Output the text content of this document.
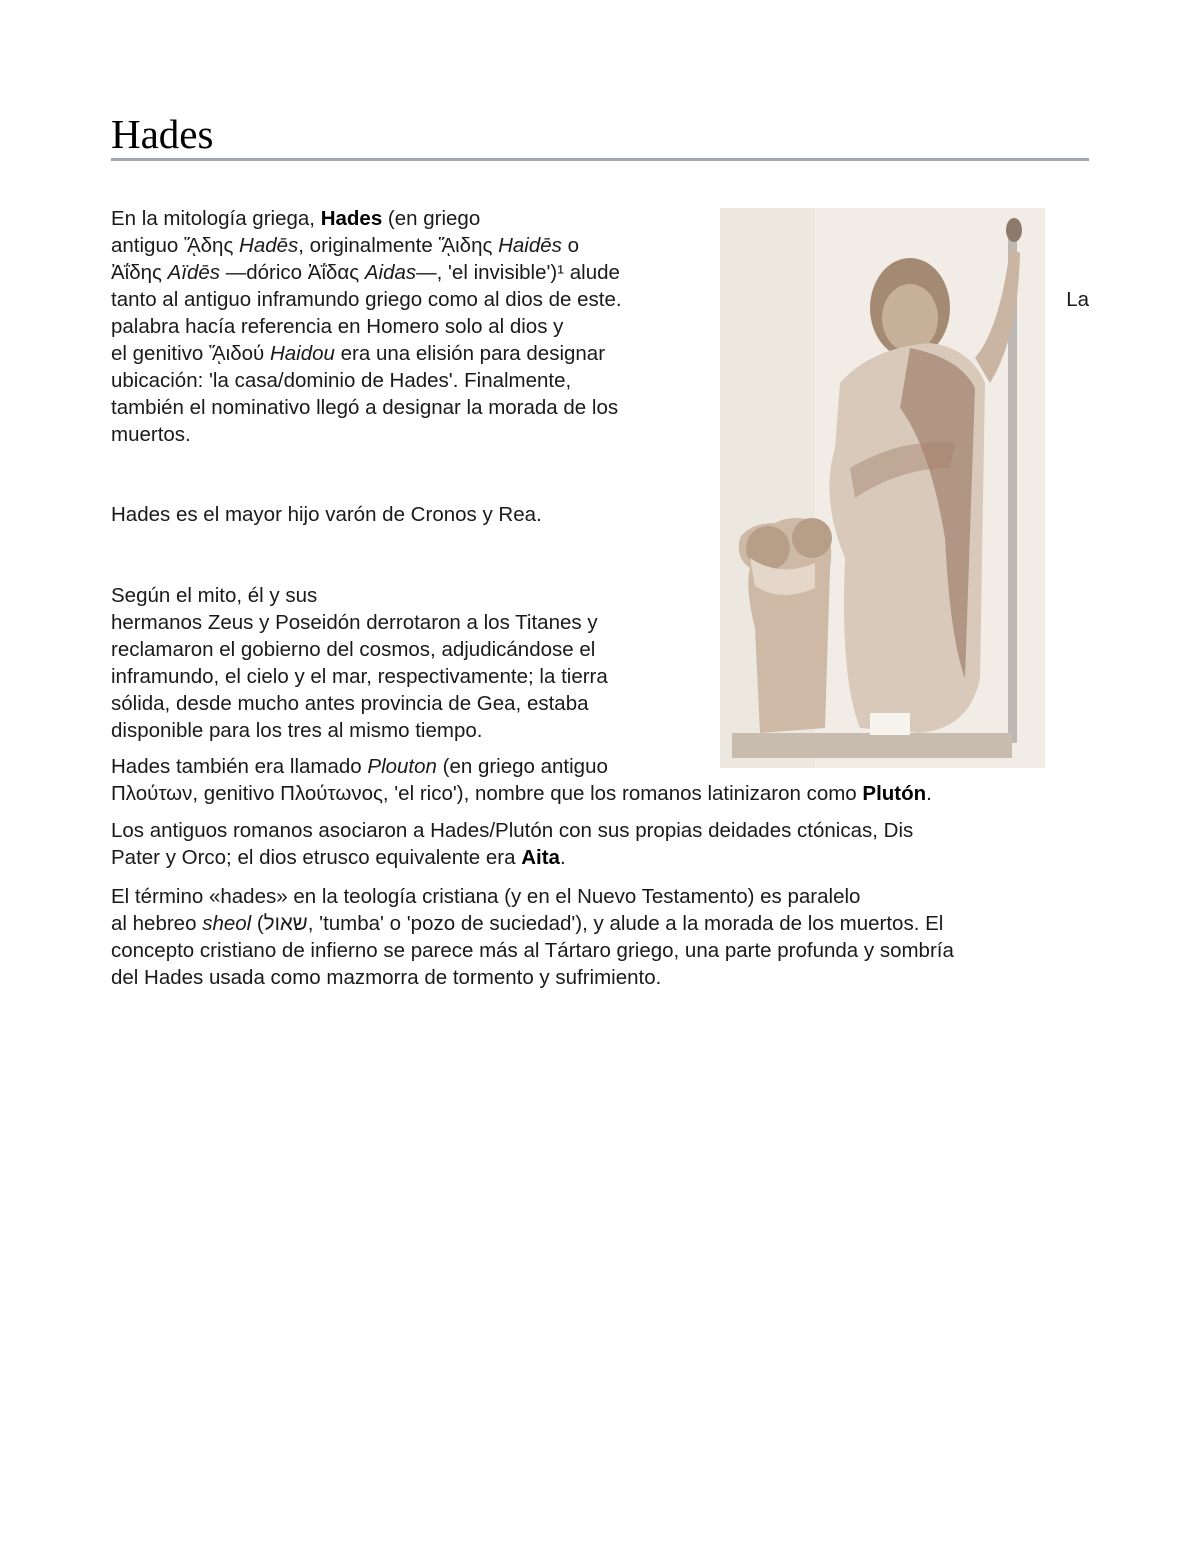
Hades
En la mitología griega, Hades (en griego
antiguo ᾍδης Hadēs, originalmente ᾍιδης Haidēs o
Ἀΐδης Aïdēs —dórico Ἀΐδας Aidas—, 'el invisible')¹ alude
tanto al antiguo inframundo griego como al dios de este.
palabra hacía referencia en Homero solo al dios y
el genitivo ᾍιδού Haidou era una elisión para designar
ubicación: 'la casa/dominio de Hades'. Finalmente,
también el nominativo llegó a designar la morada de los
muertos.
La
Hades es el mayor hijo varón de Cronos y Rea.
Según el mito, él y sus
hermanos Zeus y Poseidón derrotaron a los Titanes y
reclamaron el gobierno del cosmos, adjudicándose el
inframundo, el cielo y el mar, respectivamente; la tierra
sólida, desde mucho antes provincia de Gea, estaba
disponible para los tres al mismo tiempo.
Hades también era llamado Plouton (en griego antiguo
Πλούτων, genitivo Πλούτωνος, 'el rico'), nombre que los romanos latinizaron como Plutón.
Los antiguos romanos asociaron a Hades/Plutón con sus propias deidades ctónicas, Dis
Pater y Orco; el dios etrusco equivalente era Aita.
El término «hades» en la teología cristiana (y en el Nuevo Testamento) es paralelo
al hebreo sheol (שאול, 'tumba' o 'pozo de suciedad'), y alude a la morada de los muertos. El
concepto cristiano de infierno se parece más al Tártaro griego, una parte profunda y sombría
del Hades usada como mazmorra de tormento y sufrimiento.
